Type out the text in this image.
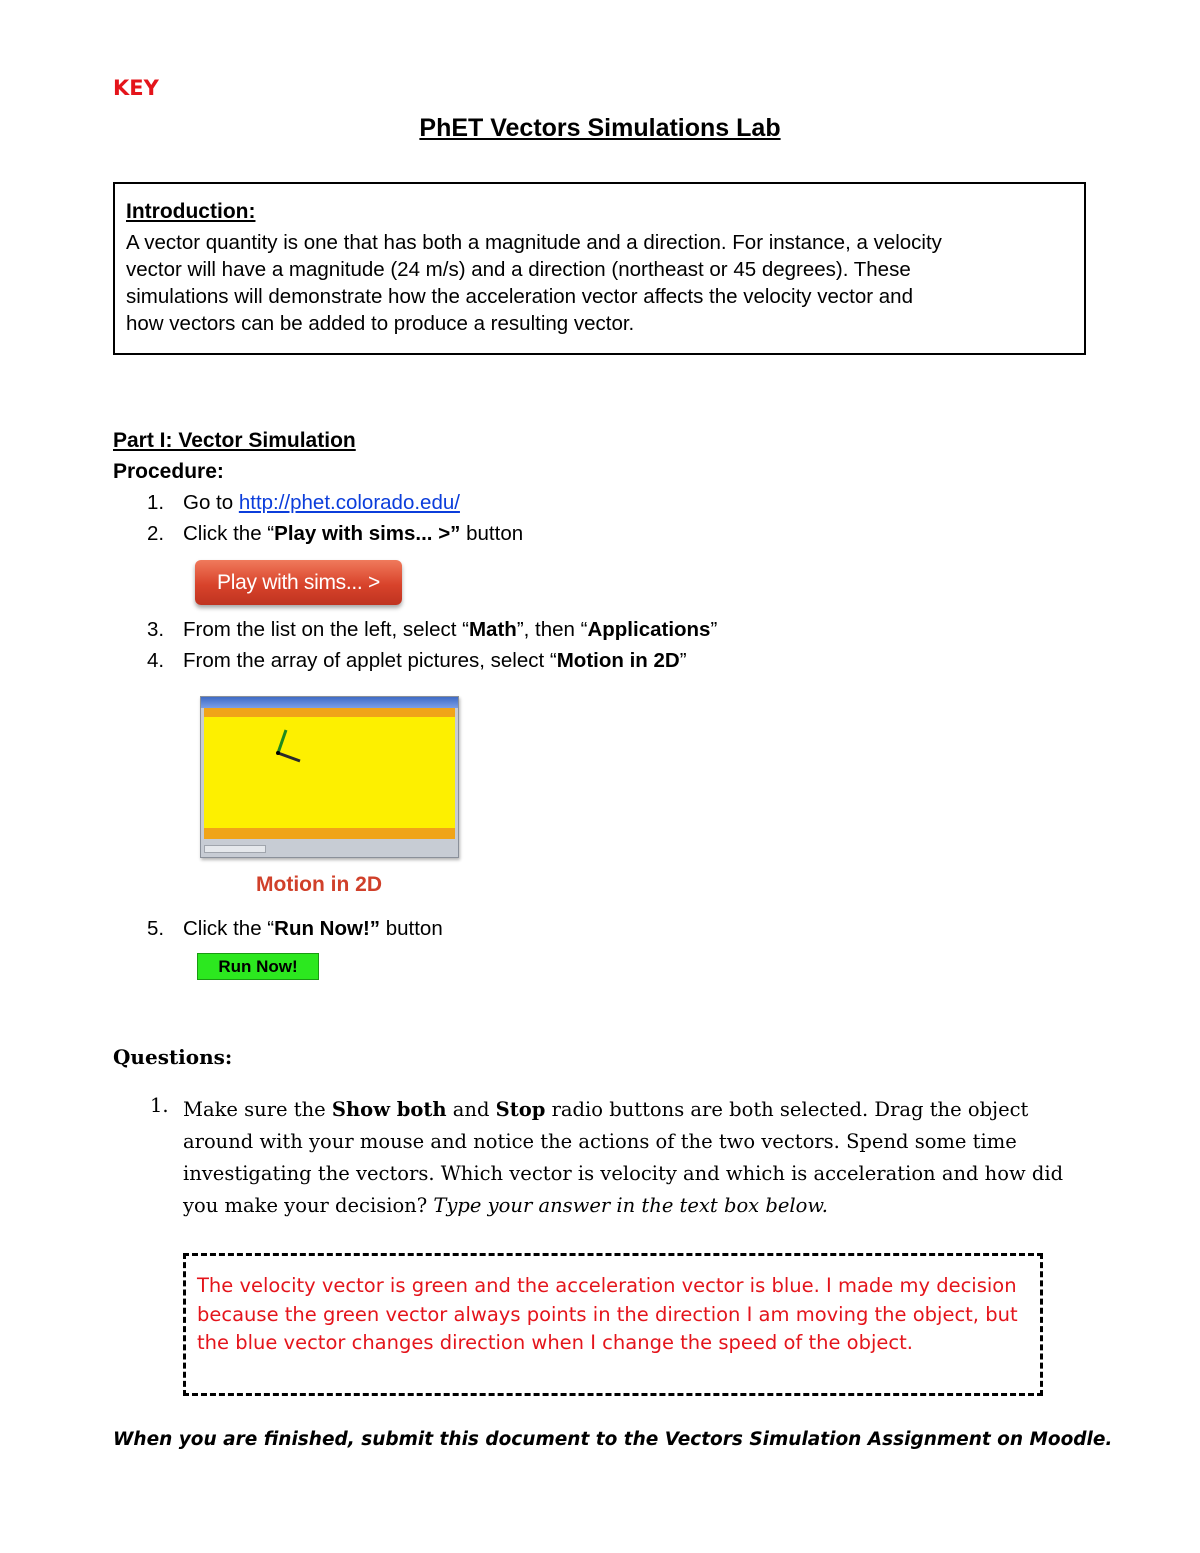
KEY
PhET Vectors Simulations Lab
Introduction:
A vector quantity is one that has both a magnitude and a direction. For instance, a velocity
vector will have a magnitude (24 m/s) and a direction (northeast or 45 degrees). These
simulations will demonstrate how the acceleration vector affects the velocity vector and
how vectors can be added to produce a resulting vector.
Part I: Vector Simulation
Procedure:
1. Go to http://phet.colorado.edu/
2. Click the “Play with sims... >” button
Play with sims... >
3. From the list on the left, select “Math”, then “Applications”
4. From the array of applet pictures, select “Motion in 2D”
Motion in 2D
5. Click the “Run Now!” button
Run Now!
Questions:
1. Make sure the Show both and Stop radio buttons are both selected. Drag the object around with your mouse and notice the actions of the two vectors. Spend some time investigating the vectors. Which vector is velocity and which is acceleration and how did you make your decision? Type your answer in the text box below.
The velocity vector is green and the acceleration vector is blue. I made my decision
because the green vector always points in the direction I am moving the object, but
the blue vector changes direction when I change the speed of the object.
When you are finished, submit this document to the Vectors Simulation Assignment on Moodle.
